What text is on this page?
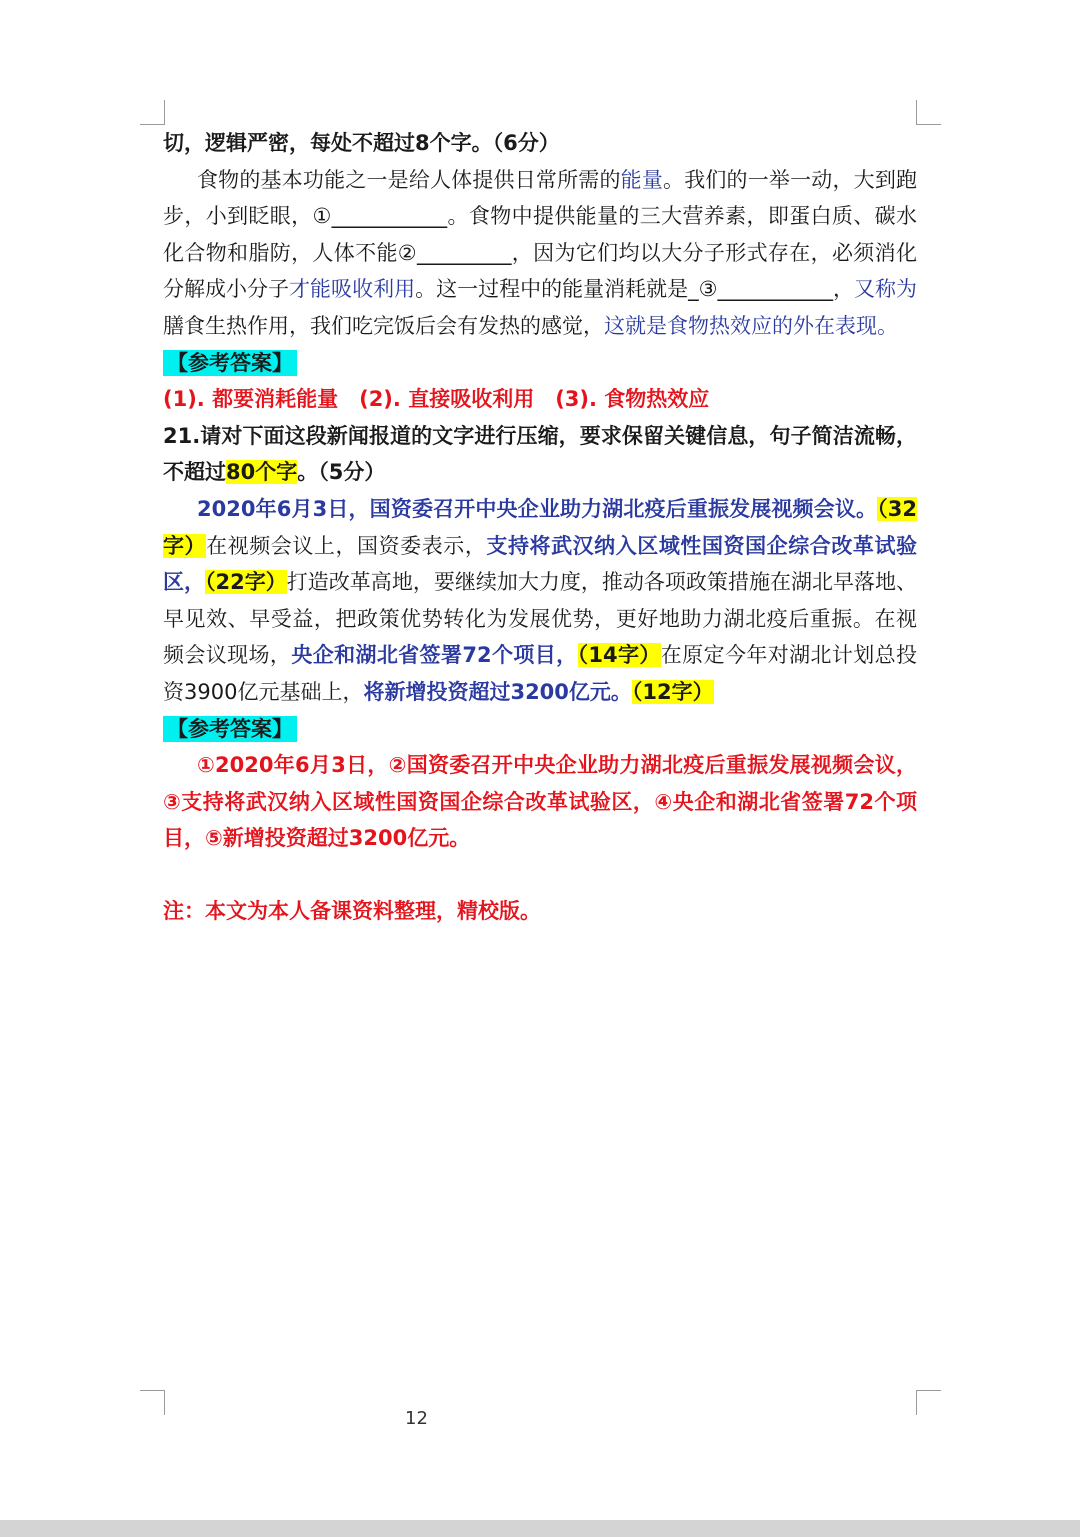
切，逻辑严密，每处不超过8个字。（6分）

食物的基本功能之一是给人体提供日常所需的能量。我们的一举一动，大到跑步，小到眨眼，①___________。食物中提供能量的三大营养素，即蛋白质、碳水化合物和脂防，人体不能②_________，因为它们均以大分子形式存在，必须消化分解成小分子才能吸收利用。这一过程中的能量消耗就是_③___________，又称为膳食生热作用，我们吃完饭后会有发热的感觉，这就是食物热效应的外在表现。

【参考答案】

(1). 都要消耗能量　(2). 直接吸收利用　(3). 食物热效应

21.请对下面这段新闻报道的文字进行压缩，要求保留关键信息，句子简洁流畅，不超过80个字。（5分）

2020年6月3日，国资委召开中央企业助力湖北疫后重振发展视频会议。（32字）在视频会议上，国资委表示，支持将武汉纳入区域性国资国企综合改革试验区，（22字）打造改革高地，要继续加大力度，推动各项政策措施在湖北早落地、早见效、早受益，把政策优势转化为发展优势，更好地助力湖北疫后重振。在视频会议现场，央企和湖北省签署72个项目，（14字）在原定今年对湖北计划总投资3900亿元基础上，将新增投资超过3200亿元。（12字）

【参考答案】

①2020年6月3日，②国资委召开中央企业助力湖北疫后重振发展视频会议，③支持将武汉纳入区域性国资国企综合改革试验区，④央企和湖北省签署72个项目，⑤新增投资超过3200亿元。

注：本文为本人备课资料整理，精校版。

12
